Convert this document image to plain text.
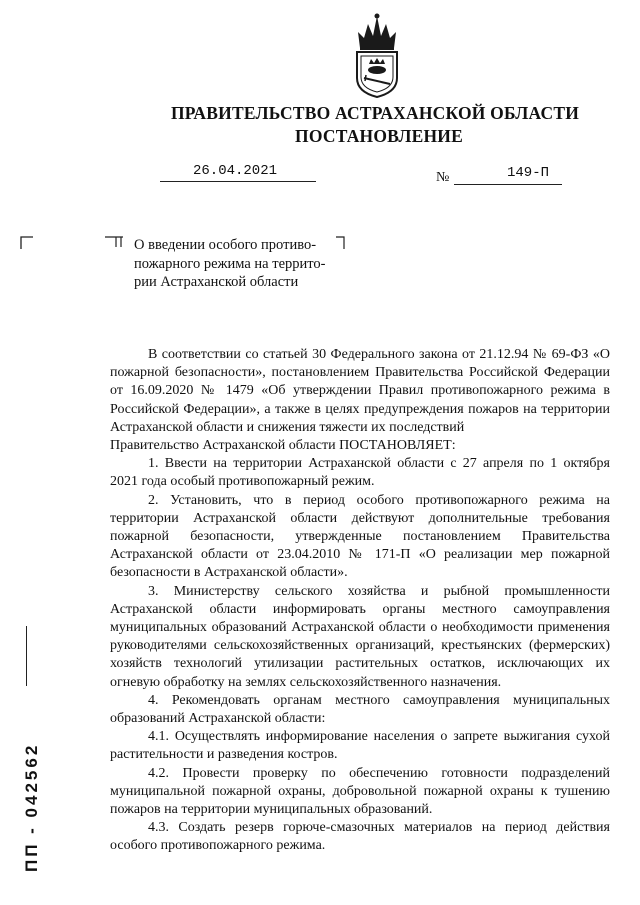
ПРАВИТЕЛЬСТВО АСТРАХАНСКОЙ ОБЛАСТИ
ПОСТАНОВЛЕНИЕ
26.04.2021	№	149-П
О введении особого противо-
пожарного режима на террито-
рии Астраханской области

В соответствии со статьей 30 Федерального закона от 21.12.94 № 69-ФЗ «О пожарной безопасности», постановлением Правительства Российской Федерации от 16.09.2020 № 1479 «Об утверждении Правил противопожарного режима в Российской Федерации», а также в целях предупреждения пожаров на территории Астраханской области и снижения тяжести их последствий

Правительство Астраханской области ПОСТАНОВЛЯЕТ:

1. Ввести на территории Астраханской области с 27 апреля по 1 октября 2021 года особый противопожарный режим.

2. Установить, что в период особого противопожарного режима на территории Астраханской области действуют дополнительные требования пожарной безопасности, утвержденные постановлением Правительства Астраханской области от 23.04.2010 № 171-П «О реализации мер пожарной безопасности в Астраханской области».

3. Министерству сельского хозяйства и рыбной промышленности Астраханской области информировать органы местного самоуправления муниципальных образований Астраханской области о необходимости применения руководителями сельскохозяйственных организаций, крестьянских (фермерских) хозяйств технологий утилизации растительных остатков, исключающих их огневую обработку на землях сельскохозяйственного назначения.

4. Рекомендовать органам местного самоуправления муниципальных образований Астраханской области:

4.1. Осуществлять информирование населения о запрете выжигания сухой растительности и разведения костров.

4.2. Провести проверку по обеспечению готовности подразделений муниципальной пожарной охраны, добровольной пожарной охраны к тушению пожаров на территории муниципальных образований.

4.3. Создать резерв горюче-смазочных материалов на период действия особого противопожарного режима.

ПП - 042562
